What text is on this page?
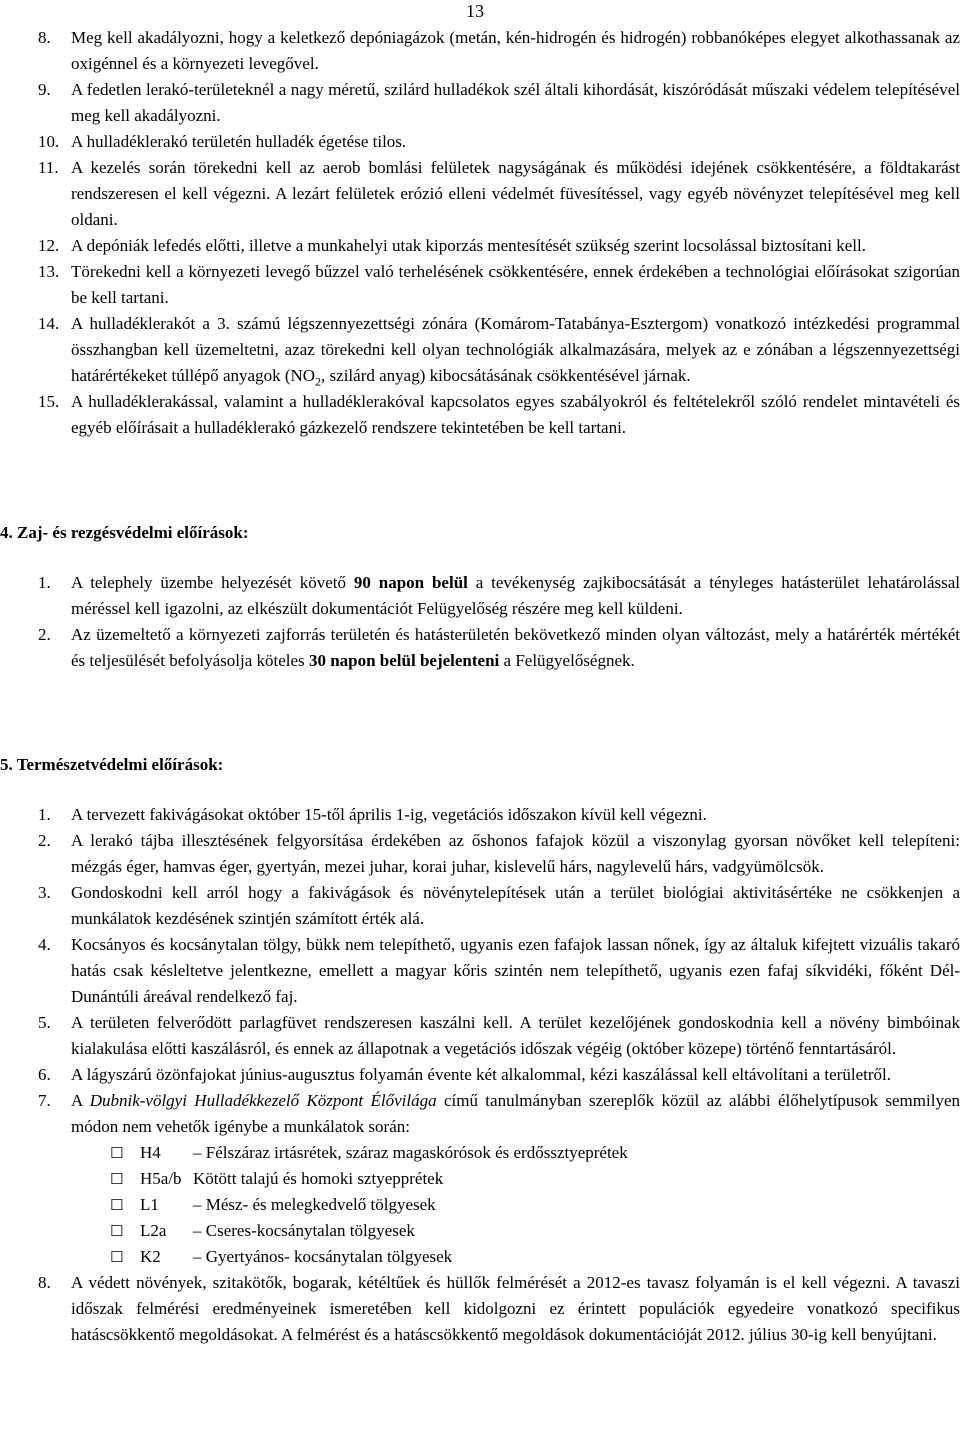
13
8.	Meg kell akadályozni, hogy a keletkező depóniagázok (metán, kén-hidrogén és hidrogén) robbanóképes elegyet alkothassanak az oxigénnel és a környezeti levegővel.
9.	A fedetlen lerakó-területeknél a nagy méretű, szilárd hulladékok szél általi kihordását, kiszóródását műszaki védelem telepítésével meg kell akadályozni.
10. A hulladéklerakó területén hulladék égetése tilos.
11. A kezelés során törekedni kell az aerob bomlási felületek nagyságának és működési idejének csökkentésére, a földtakarást rendszeresen el kell végezni. A lezárt felületek erózió elleni védelmét füvesítéssel, vagy egyéb növényzet telepítésével meg kell oldani.
12. A depóniák lefedés előtti, illetve a munkahelyi utak kiporzás mentesítését szükség szerint locsolással biztosítani kell.
13. Törekedni kell a környezeti levegő bűzzel való terhelésének csökkentésére, ennek érdekében a technológiai előírásokat szigorúan be kell tartani.
14. A hulladéklerakót a 3. számú légszennyezettségi zónára (Komárom-Tatabánya-Esztergom) vonatkozó intézkedési programmal összhangban kell üzemeltetni, azaz törekedni kell olyan technológiák alkalmazására, melyek az e zónában a légszennyezettségi határértékeket túllépő anyagok ($NO_2$, szilárd anyag) kibocsátásának csökkentésével járnak.
15. A hulladéklerakással, valamint a hulladéklerakóval kapcsolatos egyes szabályokról és feltételekről szóló rendelet mintavételi és egyéb előírásait a hulladéklerakó gázkezelő rendszere tekintetében be kell tartani.
4. Zaj- és rezgésvédelmi előírások:
1.	A telephely üzembe helyezését követő 90 napon belül a tevékenység zajkibocsátását a tényleges hatásterület lehatárolással méréssel kell igazolni, az elkészült dokumentációt Felügyelőség részére meg kell küldeni.
2.	Az üzemeltető a környezeti zajforrás területén és hatásterületén bekövetkező minden olyan változást, mely a határérték mértékét és teljesülését befolyásolja köteles 30 napon belül bejelenteni a Felügyelőségnek.
5. Természetvédelmi előírások:
1.	A tervezett fakivágásokat október 15-től április 1-ig, vegetációs időszakon kívül kell végezni.
2.	A lerakó tájba illesztésének felgyorsítása érdekében az őshonos fafajok közül a viszonylag gyorsan növőket kell telepíteni: mézgás éger, hamvas éger, gyertyán, mezei juhar, korai juhar, kislevelű hárs, nagylevelű hárs, vadgyümölcsök.
3.	Gondoskodni kell arról hogy a fakivágások és növénytelepítések után a terület biológiai aktivitásértéke ne csökkenjen a munkálatok kezdésének szintjén számított érték alá.
4.	Kocsányos és kocsánytalan tölgy, bükk nem telepíthető, ugyanis ezen fafajok lassan nőnek, így az általuk kifejtett vizuális takaró hatás csak késleltetve jelentkezne, emellett a magyar kőris szintén nem telepíthető, ugyanis ezen fafaj síkvidéki, főként Dél-Dunántúli áreával rendelkező faj.
5.	A területen felverődött parlagfüvet rendszeresen kaszálni kell. A terület kezelőjének gondoskodnia kell a növény bimbóinak kialakulása előtti kaszálásról, és ennek az állapotnak a vegetációs időszak végéig (október közepe) történő fenntartásáról.
6.	A lágyszárú özönfajokat június-augusztus folyamán évente két alkalommal, kézi kaszálással kell eltávolítani a területről.
7.	A Dubnik-völgyi Hulladékkezelő Központ Élővilága című tanulmányban szereplők közül az alábbi élőhelytípusok semmilyen módon nem vehetők igénybe a munkálatok során:
☐ H4	– Félszáraz irtásrétek, száraz magaskórósok és erdőssztyeprétek
☐ H5a/b Kötött talajú és homoki sztyepprétek
☐ L1	– Mész- és melegkedvelő tölgyesek
☐ L2a	– Cseres-kocsánytalan tölgyesek
☐ K2	– Gyertyános- kocsánytalan tölgyesek
8.	A védett növények, szitakötők, bogarak, kétéltűek és hüllők felmérését a 2012-es tavasz folyamán is el kell végezni. A tavaszi időszak felmérési eredményeinek ismeretében kell kidolgozni ez érintett populációk egyedeire vonatkozó specifikus hatáscsökkentő megoldásokat. A felmérést és a hatáscsökkentő megoldások dokumentációját 2012. július 30-ig kell benyújtani.
